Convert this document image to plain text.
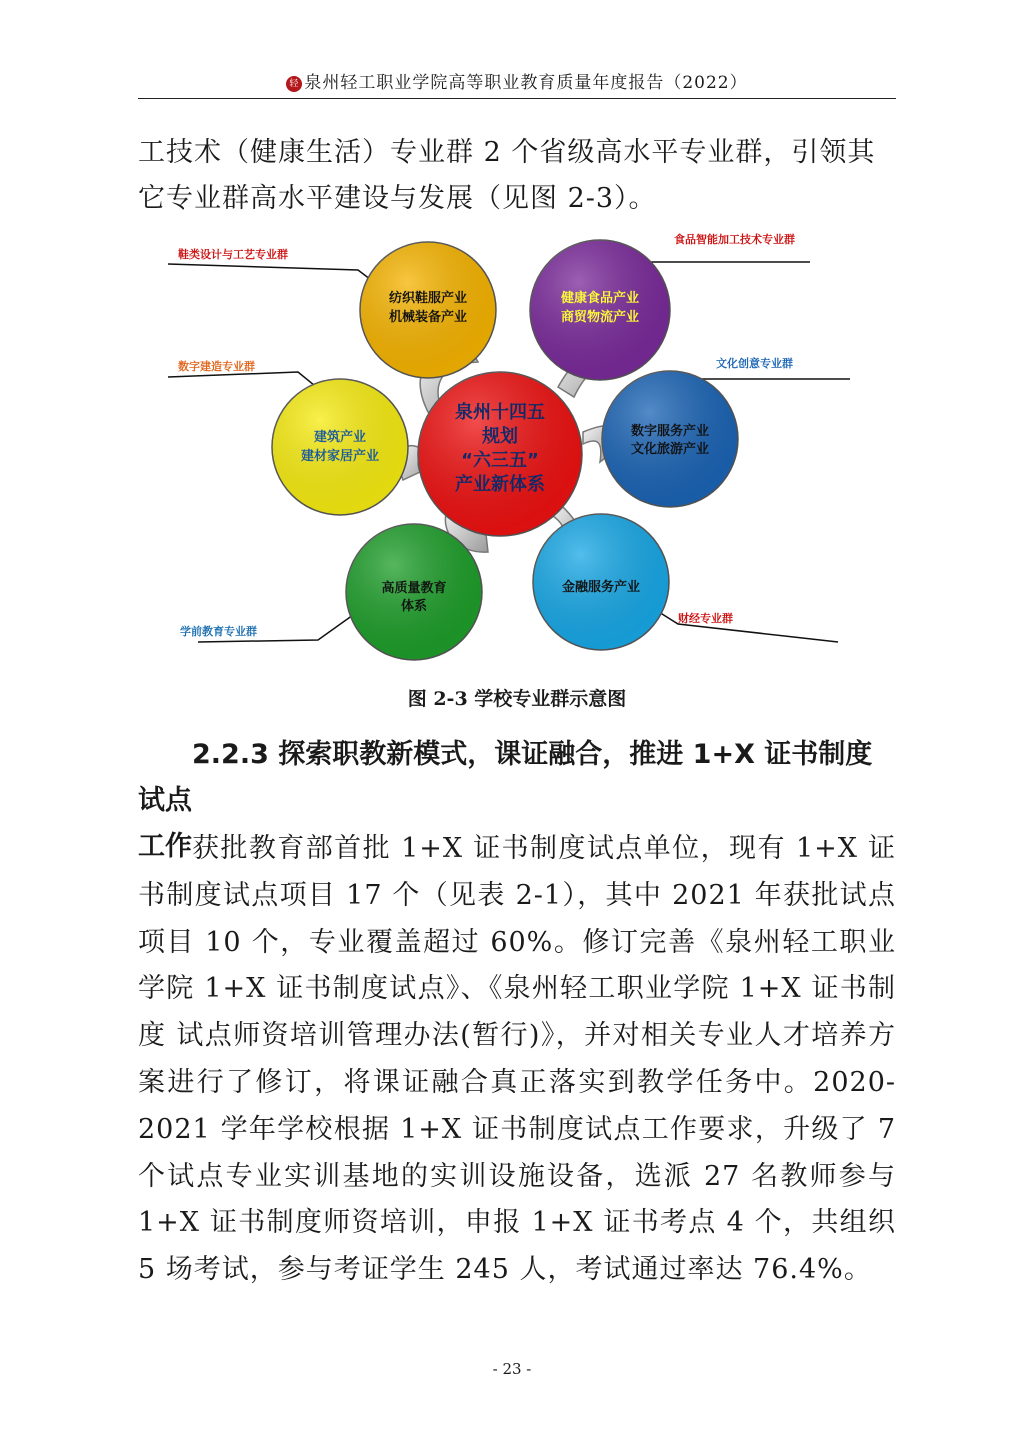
轻 泉州轻工职业学院高等职业教育质量年度报告（2022）
工技术（健康生活）专业群 2 个省级高水平专业群，引领其它专业群高水平建设与发展（见图 2-3）。
纺织鞋服产业
机械装备产业
健康食品产业
商贸物流产业
建筑产业
建材家居产业
数字服务产业
文化旅游产业
高质量教育
体系
金融服务产业
泉州十四五
规划
“六三五”
产业新体系
鞋类设计与工艺专业群
食品智能加工技术专业群
数字建造专业群	文化创意专业群
学前教育专业群
财经专业群
图 2-3 学校专业群示意图
2.2.3 探索职教新模式，课证融合，推进 1+X 证书制度试点
工作 获批教育部首批 1+X 证书制度试点单位，现有 1+X 证书制度试点项目 17 个（见表 2-1），其中 2021 年获批试点项目 10 个，专业覆盖超过 60%。修订完善《泉州轻工职业学院 1+X 证书制度试点》、《泉州轻工职业学院 1+X 证书制度 试点师资培训管理办法(暂行)》，并对相关专业人才培养方案进行了修订，将课证融合真正落实到教学任务中。2020-2021 学年学校根据 1+X 证书制度试点工作要求，升级了 7 个试点专业实训基地的实训设施设备，选派 27 名教师参与 1+X 证书制度师资培训，申报 1+X 证书考点 4 个，共组织 5 场考试，参与考证学生 245 人，考试通过率达 76.4%。
- 23 -
